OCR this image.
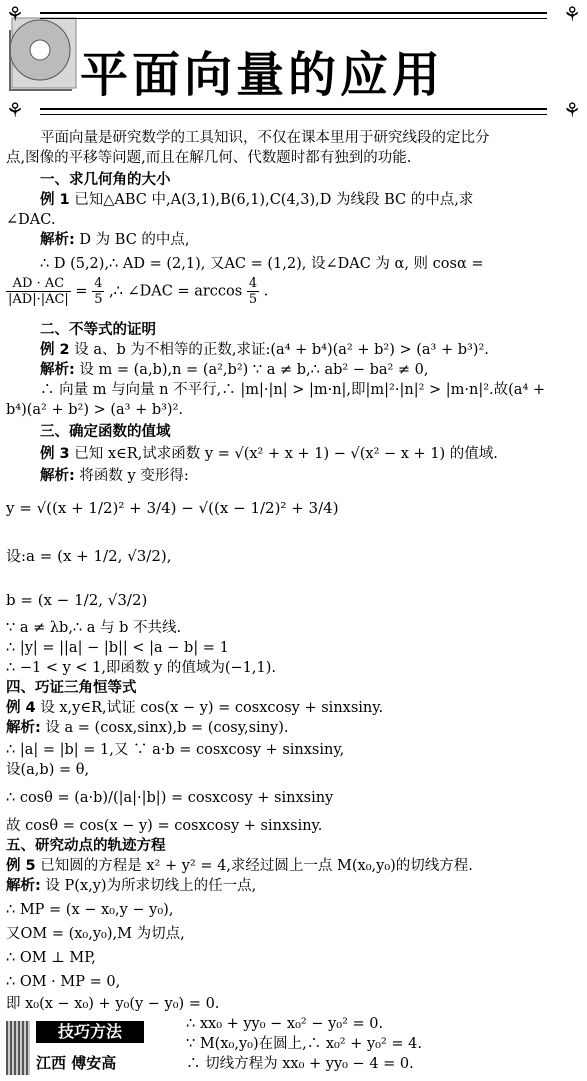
⚘	⚘
平面向量的应用
⚘	⚘
平面向量是研究数学的工具知识，不仅在课本里用于研究线段的定比分
点,图像的平移等问题,而且在解几何、代数题时都有独到的功能.
一、求几何角的大小
例 1 已知△ABC 中,A(3,1),B(6,1),C(4,3),D 为线段 BC 的中点,求
∠DAC.
解析: D 为 BC 的中点,
∴ D (5,2),∴ AD = (2,1), 又AC = (1,2), 设∠DAC 为 α, 则 cosα =
$\frac{AD \cdot AC}{|AD|\cdot|AC|} = \frac{4}{5}$ ,∴ ∠DAC = $\arccos \frac{4}{5}$ .
二、不等式的证明
例 2 设 a、b 为不相等的正数,求证:(a⁴ + b⁴)(a² + b²) > (a³ + b³)².
解析: 设 m = (a,b),n = (a²,b²) ∵ a ≠ b,∴ ab² − ba² ≠ 0,
∴ 向量 m 与向量 n 不平行,∴ |m|·|n| > |m·n|,即|m|²·|n|² > |m·n|².故(a⁴ +
b⁴)(a² + b²) > (a³ + b³)².
三、确定函数的值域
例 3 已知 x∈R,试求函数 y = √(x² + x + 1) − √(x² − x + 1) 的值域.
解析: 将函数 y 变形得:
y = √((x + 1/2)² + 3/4) − √((x − 1/2)² + 3/4)
设:a = (x + 1/2, √3/2),
b = (x − 1/2, √3/2)
∵ a ≠ λb,∴ a 与 b 不共线.
∴ |y| = ||a| − |b|| < |a − b| = 1
∴ −1 < y < 1,即函数 y 的值域为(−1,1).
四、巧证三角恒等式
例 4 设 x,y∈R,试证 cos(x − y) = cosxcosy + sinxsiny.
解析: 设 a = (cosx,sinx),b = (cosy,siny).
∴ |a| = |b| = 1,又 ∵ a·b = cosxcosy + sinxsiny,
设(a,b) = θ,
∴ cosθ = (a·b)/(|a|·|b|) = cosxcosy + sinxsiny
故 cosθ = cos(x − y) = cosxcosy + sinxsiny.
五、研究动点的轨迹方程
例 5 已知圆的方程是 x² + y² = 4,求经过圆上一点 M(x₀,y₀)的切线方程.
解析: 设 P(x,y)为所求切线上的任一点,
∴ MP = (x − x₀,y − y₀),
又OM = (x₀,y₀),M 为切点,
∴ OM ⊥ MP,
∴ OM · MP = 0,
即 x₀(x − x₀) + y₀(y − y₀) = 0.
∴ xx₀ + yy₀ − x₀² − y₀² = 0.
∵ M(x₀,y₀)在圆上,∴ x₀² + y₀² = 4.
∴ 切线方程为 xx₀ + yy₀ − 4 = 0.
技巧方法
江西 傅安高
